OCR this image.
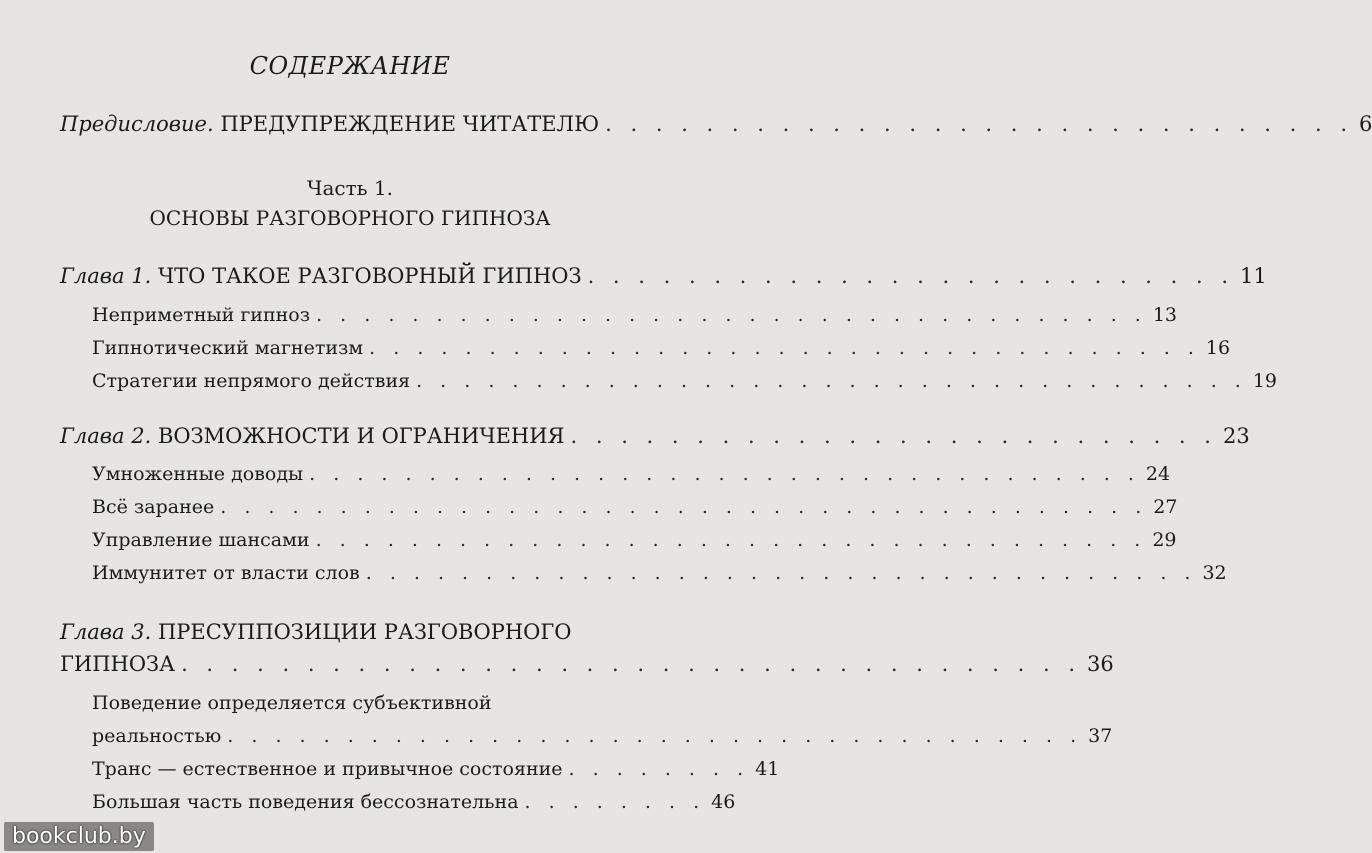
СОДЕРЖАНИЕ
Предисловие. ПРЕДУПРЕЖДЕНИЕ ЧИТАТЕЛЮ . . . . . . . . . . . . . . . . . . . . . . . . . . . . . . 6
Часть 1.
ОСНОВЫ РАЗГОВОРНОГО ГИПНОЗА
Глава 1. ЧТО ТАКОЕ РАЗГОВОРНЫЙ ГИПНОЗ . . . . . . . . . . . . . . . . . . . . . . . . . . 11
Неприметный гипноз . . . . . . . . . . . . . . . . . . . . . . . . . . . . . . . . . . . 13
Гипнотический магнетизм . . . . . . . . . . . . . . . . . . . . . . . . . . . . . . . . . . . 16
Стратегии непрямого действия . . . . . . . . . . . . . . . . . . . . . . . . . . . . . . . . . . . 19
Глава 2. ВОЗМОЖНОСТИ И ОГРАНИЧЕНИЯ . . . . . . . . . . . . . . . . . . . . . . . . . . 23
Умноженные доводы . . . . . . . . . . . . . . . . . . . . . . . . . . . . . . . . . . . 24
Всё заранее . . . . . . . . . . . . . . . . . . . . . . . . . . . . . . . . . . . . . . . 27
Управление шансами . . . . . . . . . . . . . . . . . . . . . . . . . . . . . . . . . . . 29
Иммунитет от власти слов . . . . . . . . . . . . . . . . . . . . . . . . . . . . . . . . . . . 32
Глава 3. ПРЕСУППОЗИЦИИ РАЗГОВОРНОГО
ГИПНОЗА . . . . . . . . . . . . . . . . . . . . . . . . . . . . . . . . . . . . 36
Поведение определяется субъективной
реальностью . . . . . . . . . . . . . . . . . . . . . . . . . . . . . . . . . . . . 37
Транс — естественное и привычное состояние . . . . . . . . 41
Большая часть поведения бессознательна . . . . . . . . 46
bookclub.by
